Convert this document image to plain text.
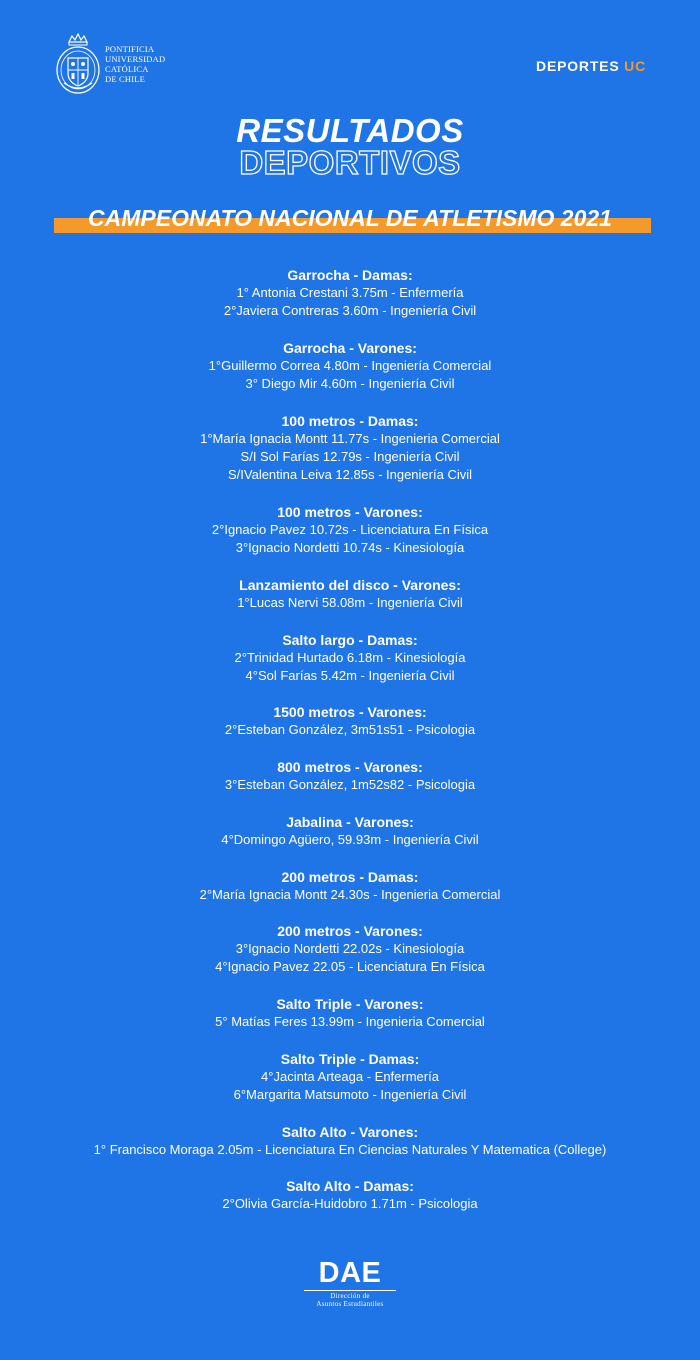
PONTIFICIA
UNIVERSIDAD
CATÓLICA
DE CHILE
DEPORTES UC
RESULTADOS
DEPORTIVOS
CAMPEONATO NACIONAL DE ATLETISMO 2021
Garrocha - Damas:
1° Antonia Crestani 3.75m - Enfermería
2°Javiera Contreras 3.60m - Ingeniería Civil
Garrocha - Varones:
1°Guillermo Correa 4.80m - Ingeniería Comercial
3° Diego Mir 4.60m - Ingeniería Civil
100 metros - Damas:
1°María Ignacia Montt 11.77s - Ingenieria Comercial
S/I Sol Farías 12.79s - Ingeniería Civil
S/IValentina Leiva 12.85s - Ingeniería Civil
100 metros - Varones:
2°Ignacio Pavez 10.72s - Licenciatura En Física
3°Ignacio Nordetti 10.74s - Kinesiología
Lanzamiento del disco - Varones:
1°Lucas Nervi 58.08m - Ingeniería Civil
Salto largo - Damas:
2°Trinidad Hurtado 6.18m - Kinesiología
4°Sol Farías 5.42m - Ingeniería Civil
1500 metros - Varones:
2°Esteban González, 3m51s51 - Psicologia
800 metros - Varones:
3°Esteban González, 1m52s82 - Psicologia
Jabalina - Varones:
4°Domingo Agüero, 59.93m - Ingeniería Civil
200 metros - Damas:
2°María Ignacia Montt 24.30s - Ingenieria Comercial
200 metros - Varones:
3°Ignacio Nordetti 22.02s - Kinesiología
4°Ignacio Pavez 22.05 - Licenciatura En Física
Salto Triple - Varones:
5° Matías Feres 13.99m - Ingenieria Comercial
Salto Triple - Damas:
4°Jacinta Arteaga - Enfermería
6°Margarita Matsumoto - Ingeniería Civil
Salto Alto - Varones:
1° Francisco Moraga 2.05m - Licenciatura En Ciencias Naturales Y Matematica (College)
Salto Alto - Damas:
2°Olivia García-Huidobro 1.71m - Psicologia
DAE
Dirección de
Asuntos Estudiantiles
